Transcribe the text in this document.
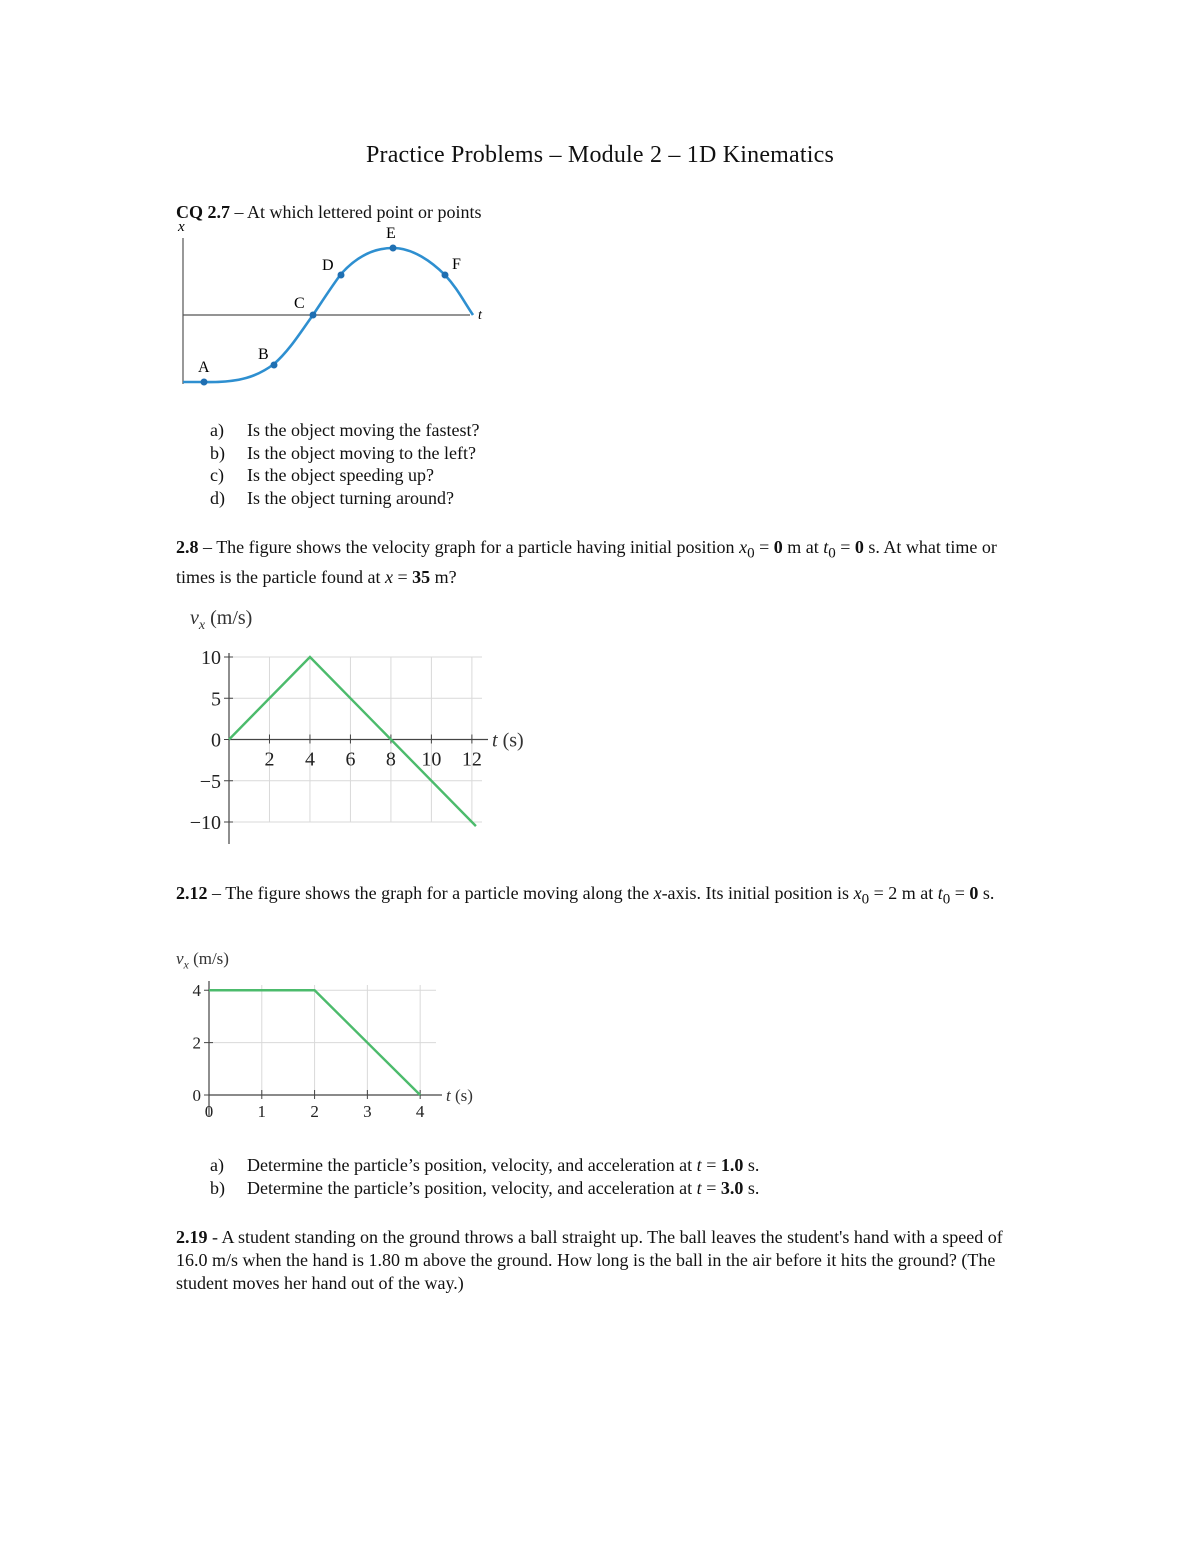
Practice Problems – Module 2 – 1D Kinematics
CQ 2.7 – At which lettered point or points
x
t
A
B
C
D
E
F
a)	Is the object moving the fastest?
b)	Is the object moving to the left?
c)	Is the object speeding up?
d)	Is the object turning around?
2.8 – The figure shows the velocity graph for a particle having initial position $x_0 = 0$ m at $t_0 = 0$ s. At what time or times is the particle found at x = 35 m?
10
5
0
−5
−10
2 4 6 8 10 12
$v_x$ (m/s)
t (s)
2.12 – The figure shows the graph for a particle moving along the x-axis. Its initial position is $x_0 = 2$ m at $t_0 = 0$ s.
4
2
0
0	1	2	3	4
$v_x$ (m/s)
t (s)
a)	Determine the particle’s position, velocity, and acceleration at t = 1.0 s.
b)	Determine the particle’s position, velocity, and acceleration at t = 3.0 s.
2.19 - A student standing on the ground throws a ball straight up. The ball leaves the student's hand with a speed of 16.0 m/s when the hand is 1.80 m above the ground. How long is the ball in the air before it hits the ground? (The student moves her hand out of the way.)
